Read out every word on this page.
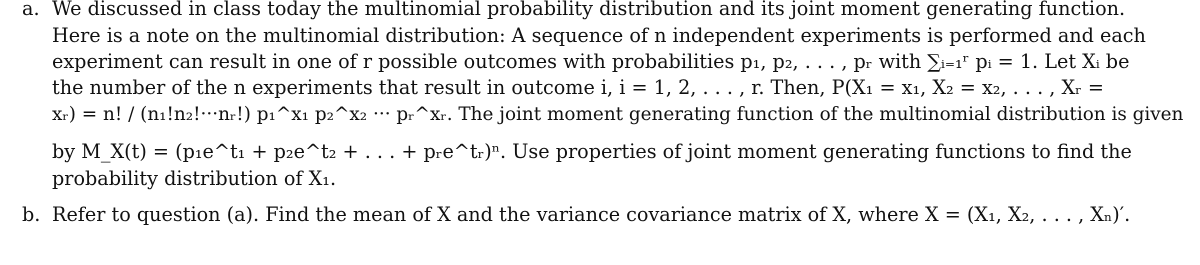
a. We discussed in class today the multinomial probability distribution and its joint moment generating function.
Here is a note on the multinomial distribution: A sequence of n independent experiments is performed and each
experiment can result in one of r possible outcomes with probabilities p₁, p₂, . . . , pᵣ with ∑ᵢ₌₁ʳ pᵢ = 1. Let Xᵢ be
the number of the n experiments that result in outcome i, i = 1, 2, . . . , r. Then, P(X₁ = x₁, X₂ = x₂, . . . , Xᵣ =
xᵣ) = n! / (n₁!n₂!···nᵣ!) p₁^x₁ p₂^x₂ ··· pᵣ^xᵣ. The joint moment generating function of the multinomial distribution is given
by M_X(t) = (p₁e^t₁ + p₂e^t₂ + . . . + pᵣe^tᵣ)ⁿ. Use properties of joint moment generating functions to find the
probability distribution of X₁.
b. Refer to question (a). Find the mean of X and the variance covariance matrix of X, where X = (X₁, X₂, . . . , Xₙ)′.
